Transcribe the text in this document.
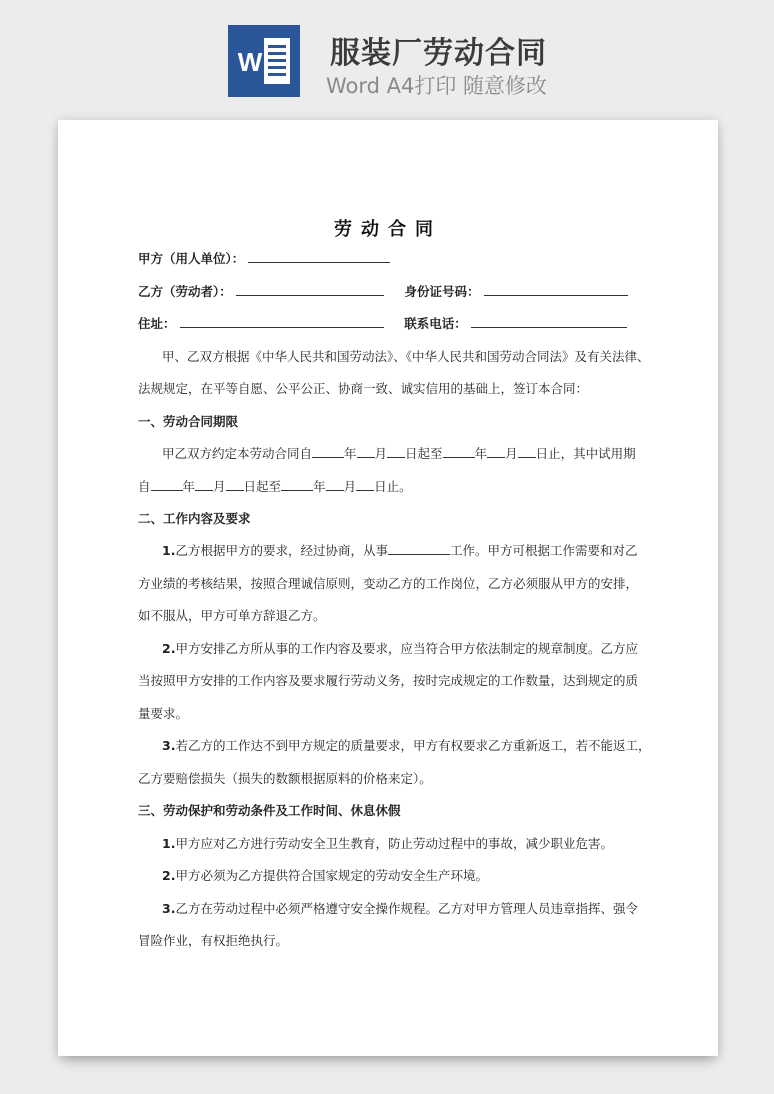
W 服装厂劳动合同
Word A4打印 随意修改
劳动合同
甲方（用人单位）：
乙方（劳动者）：	身份证号码：
住址：	联系电话：
甲、乙双方根据《中华人民共和国劳动法》、《中华人民共和国劳动合同法》及有关法律、
法规规定，在平等自愿、公平公正、协商一致、诚实信用的基础上，签订本合同：
一、劳动合同期限
甲乙双方约定本劳动合同自	年 月 日起至	年 月 日止，其中试用期
自	年 月 日起至	年 月 日止。
二、工作内容及要求
1.乙方根据甲方的要求，经过协商，从事	工作。甲方可根据工作需要和对乙
方业绩的考核结果，按照合理诚信原则，变动乙方的工作岗位，乙方必须服从甲方的安排，
如不服从，甲方可单方辞退乙方。
2.甲方安排乙方所从事的工作内容及要求，应当符合甲方依法制定的规章制度。乙方应
当按照甲方安排的工作内容及要求履行劳动义务，按时完成规定的工作数量，达到规定的质
量要求。
3.若乙方的工作达不到甲方规定的质量要求，甲方有权要求乙方重新返工，若不能返工，
乙方要赔偿损失（损失的数额根据原料的价格来定）。
三、劳动保护和劳动条件及工作时间、休息休假
1.甲方应对乙方进行劳动安全卫生教育，防止劳动过程中的事故，减少职业危害。
2.甲方必须为乙方提供符合国家规定的劳动安全生产环境。
3.乙方在劳动过程中必须严格遵守安全操作规程。乙方对甲方管理人员违章指挥、强令
冒险作业，有权拒绝执行。
